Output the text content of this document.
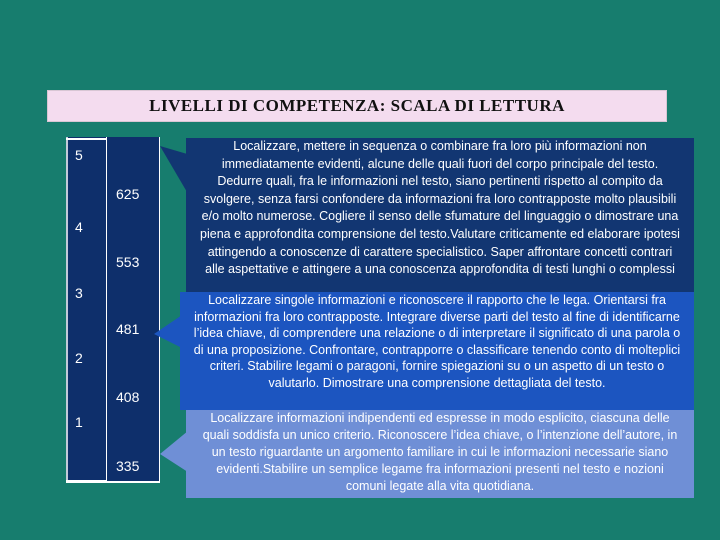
LIVELLI DI COMPETENZA: SCALA DI LETTURA
5
4
3
2
1
625
553
481
408
335
Localizzare, mettere in sequenza o combinare fra loro più informazioni non immediatamente evidenti, alcune delle quali fuori del corpo principale del testo. Dedurre quali, fra le informazioni nel testo, siano pertinenti rispetto al compito da svolgere, senza farsi confondere da informazioni fra loro contrapposte molto plausibili e/o molto numerose. Cogliere il senso delle sfumature del linguaggio o dimostrare una piena e approfondita comprensione del testo.Valutare criticamente ed elaborare ipotesi attingendo a conoscenze di carattere specialistico. Saper affrontare concetti contrari alle aspettative e attingere a una conoscenza approfondita di testi lunghi o complessi
Localizzare singole informazioni e riconoscere il rapporto che le lega. Orientarsi fra informazioni fra loro contrapposte. Integrare diverse parti del testo al fine di identificarne l’idea chiave, di comprendere una relazione o di interpretare il significato di una parola o di una proposizione. Confrontare, contrapporre o classificare tenendo conto di molteplici criteri. Stabilire legami o paragoni, fornire spiegazioni su o un aspetto di un testo o valutarlo. Dimostrare una comprensione dettagliata del testo.
Localizzare informazioni indipendenti ed espresse in modo esplicito, ciascuna delle quali soddisfa un unico criterio. Riconoscere l’idea chiave, o l’intenzione dell’autore, in un testo riguardante un argomento familiare in cui le informazioni necessarie siano evidenti.Stabilire un semplice legame fra informazioni presenti nel testo e nozioni comuni legate alla vita quotidiana.
